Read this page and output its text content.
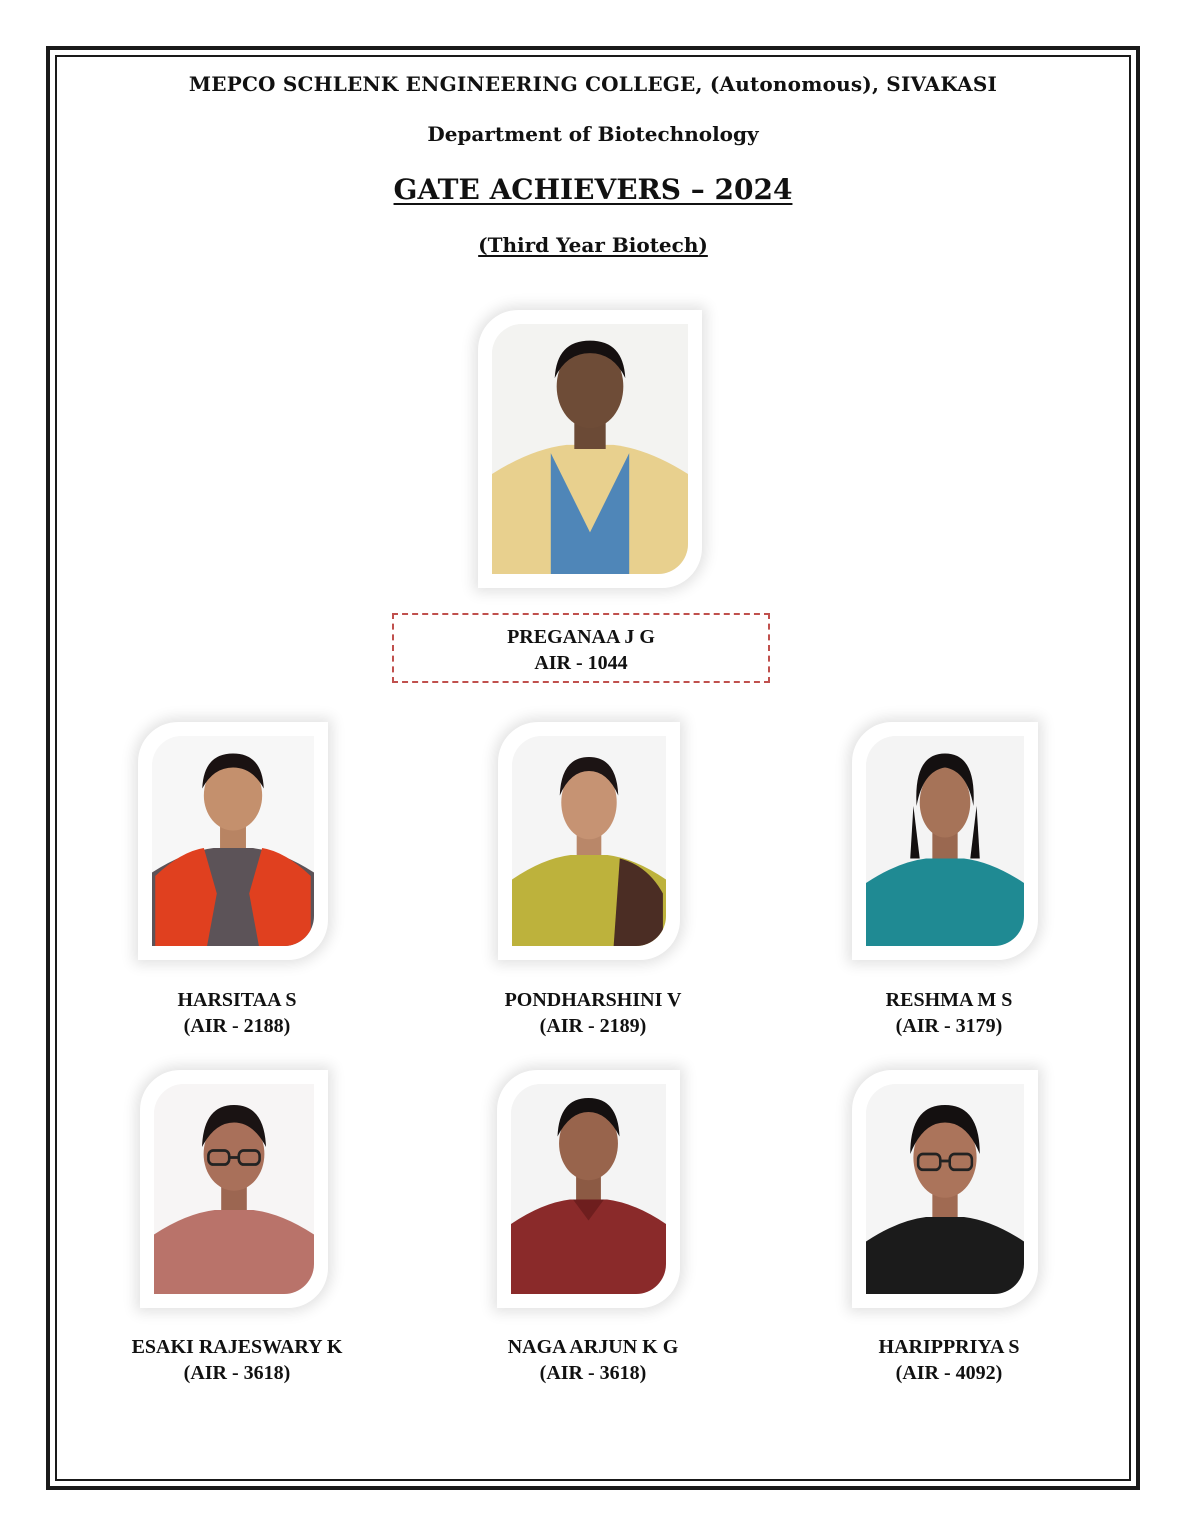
MEPCO SCHLENK ENGINEERING COLLEGE, (Autonomous), SIVAKASI
Department of Biotechnology
GATE ACHIEVERS – 2024
(Third Year Biotech)
PREGANAA J G
AIR - 1044
HARSITAA S
(AIR - 2188)
PONDHARSHINI V
(AIR - 2189)
RESHMA M S
(AIR - 3179)
ESAKI RAJESWARY K
(AIR - 3618)
NAGA ARJUN K G
(AIR - 3618)
HARIPPRIYA S
(AIR - 4092)
